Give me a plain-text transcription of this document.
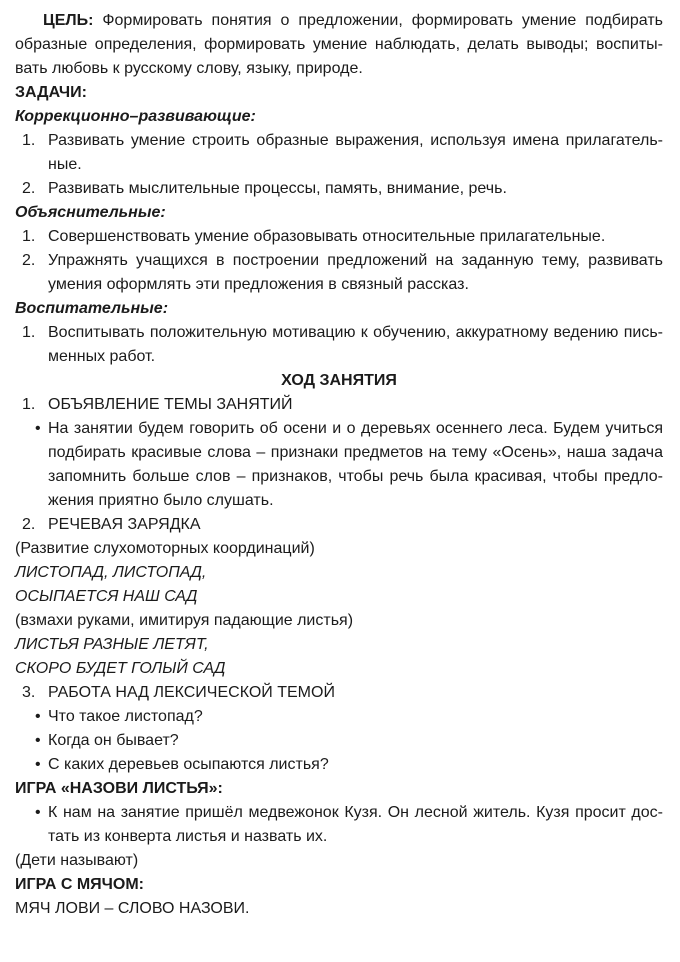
ЦЕЛЬ: Формировать понятия о предложении, формировать умение подбирать образные определения, формировать умение наблюдать, делать выводы; воспитывать любовь к русскому слову, языку, природе.

ЗАДАЧИ:

Коррекционно–развивающие:

1. Развивать умение строить образные выражения, используя имена прилагательные.

2. Развивать мыслительные процессы, память, внимание, речь.

Объяснительные:

1. Совершенствовать умение образовывать относительные прилагательные.

2. Упражнять учащихся в построении предложений на заданную тему, развивать умения оформлять эти предложения в связный рассказ.

Воспитательные:

1. Воспитывать положительную мотивацию к обучению, аккуратному ведению письменных работ.

ХОД ЗАНЯТИЯ

1. ОБЪЯВЛЕНИЕ ТЕМЫ ЗАНЯТИЙ

• На занятии будем говорить об осени и о деревьях осеннего леса. Будем учиться подбирать красивые слова – признаки предметов на тему «Осень», наша задача запомнить больше слов – признаков, чтобы речь была красивая, чтобы предложения приятно было слушать.

2. РЕЧЕВАЯ ЗАРЯДКА

(Развитие слухомоторных координаций)

ЛИСТОПАД, ЛИСТОПАД,

ОСЫПАЕТСЯ НАШ САД

(взмахи руками, имитируя падающие листья)

ЛИСТЬЯ РАЗНЫЕ ЛЕТЯТ,

СКОРО БУДЕТ ГОЛЫЙ САД

3. РАБОТА НАД ЛЕКСИЧЕСКОЙ ТЕМОЙ

• Что такое листопад?

• Когда он бывает?

• С каких деревьев осыпаются листья?

ИГРА «НАЗОВИ ЛИСТЬЯ»:

• К нам на занятие пришёл медвежонок Кузя. Он лесной житель. Кузя просит достать из конверта листья и назвать их.

(Дети называют)

ИГРА С МЯЧОМ:

МЯЧ ЛОВИ – СЛОВО НАЗОВИ.
